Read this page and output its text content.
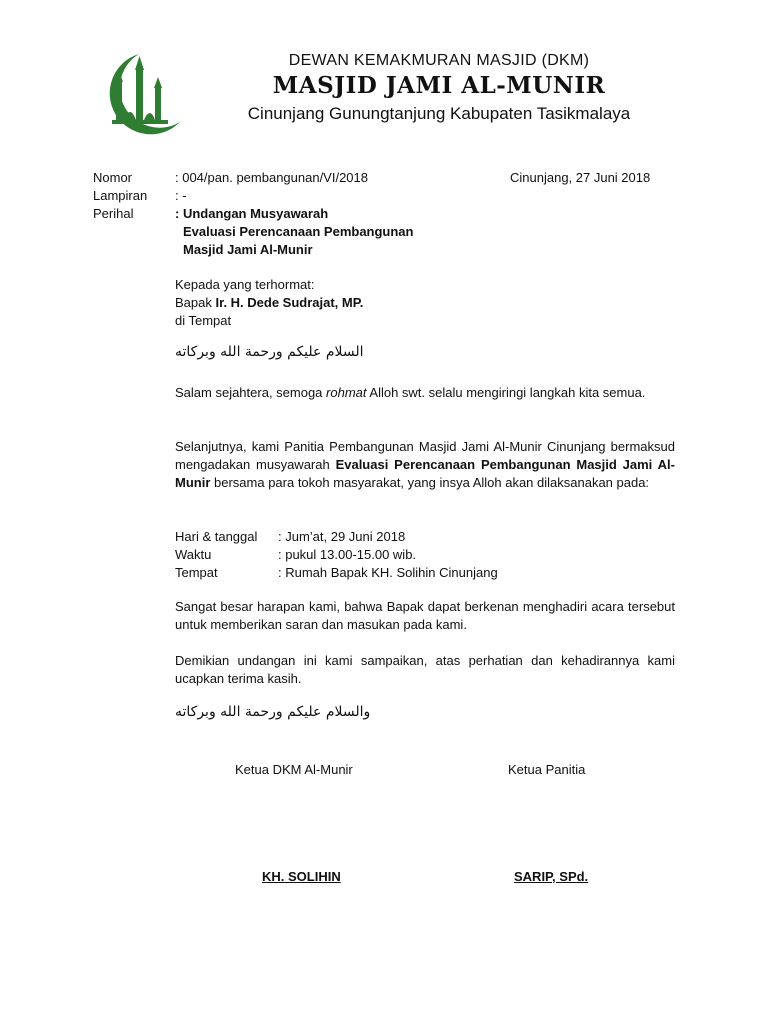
DEWAN KEMAKMURAN MASJID (DKM)
MASJID JAMI AL-MUNIR
Cinunjang Gunungtanjung Kabupaten Tasikmalaya
Nomor	: 004/pan. pembangunan/VI/2018	Cinunjang, 27 Juni 2018
Lampiran : -
Perihal	: Undangan Musyawarah
Evaluasi Perencanaan Pembangunan
Masjid Jami Al-Munir
Kepada yang terhormat:
Bapak Ir. H. Dede Sudrajat, MP.
di Tempat
السلام عليكم ورحمة الله وبركاته
Salam sejahtera, semoga rohmat Alloh swt. selalu mengiringi langkah kita semua.
Selanjutnya, kami Panitia Pembangunan Masjid Jami Al-Munir Cinunjang bermaksud mengadakan musyawarah Evaluasi Perencanaan Pembangunan Masjid Jami Al-Munir bersama para tokoh masyarakat, yang insya Alloh akan dilaksanakan pada:
Hari & tanggal : Jum’at, 29 Juni 2018
Waktu	: pukul 13.00-15.00 wib.
Tempat	: Rumah Bapak KH. Solihin Cinunjang
Sangat besar harapan kami, bahwa Bapak dapat berkenan menghadiri acara tersebut untuk memberikan saran dan masukan pada kami.
Demikian undangan ini kami sampaikan, atas perhatian dan kehadirannya kami ucapkan terima kasih.
والسلام عليكم ورحمة الله وبركاته
Ketua DKM Al-Munir	Ketua Panitia
KH. SOLIHIN	SARIP, SPd.
